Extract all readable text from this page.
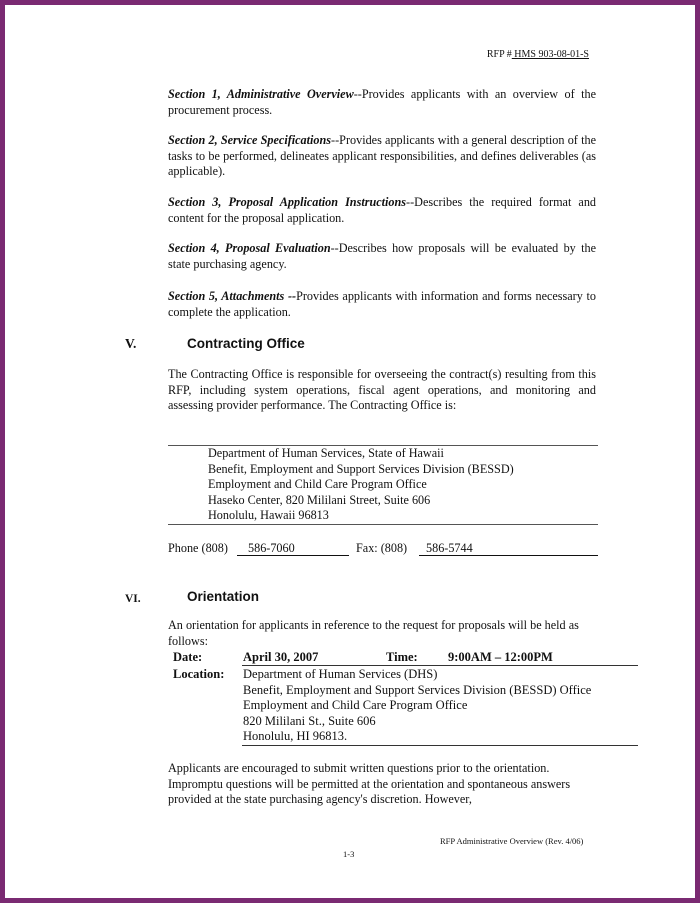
RFP # HMS 903-08-01-S
Section 1, Administrative Overview--Provides applicants with an overview of the procurement process.
Section 2, Service Specifications--Provides applicants with a general description of the tasks to be performed, delineates applicant responsibilities, and defines deliverables (as applicable).
Section 3, Proposal Application Instructions--Describes the required format and content for the proposal application.
Section 4, Proposal Evaluation--Describes how proposals will be evaluated by the state purchasing agency.
Section 5, Attachments --Provides applicants with information and forms necessary to complete the application.
V.	Contracting Office
The Contracting Office is responsible for overseeing the contract(s) resulting from this RFP, including system operations, fiscal agent operations, and monitoring and assessing provider performance. The Contracting Office is:
Department of Human Services, State of Hawaii
Benefit, Employment and Support Services Division (BESSD)
Employment and Child Care Program Office
Haseko Center, 820 Mililani Street, Suite 606
Honolulu, Hawaii 96813
Phone (808)	586-7060	Fax: (808)	586-5744
VI.	Orientation
An orientation for applicants in reference to the request for proposals will be held as follows:
Date:	April 30, 2007	Time: 9:00AM – 12:00PM
Location: Department of Human Services (DHS)
Benefit, Employment and Support Services Division (BESSD) Office
Employment and Child Care Program Office
820 Mililani St., Suite 606
Honolulu, HI 96813.
Applicants are encouraged to submit written questions prior to the orientation. Impromptu questions will be permitted at the orientation and spontaneous answers provided at the state purchasing agency's discretion. However,
RFP Administrative Overview (Rev. 4/06)
1-3
